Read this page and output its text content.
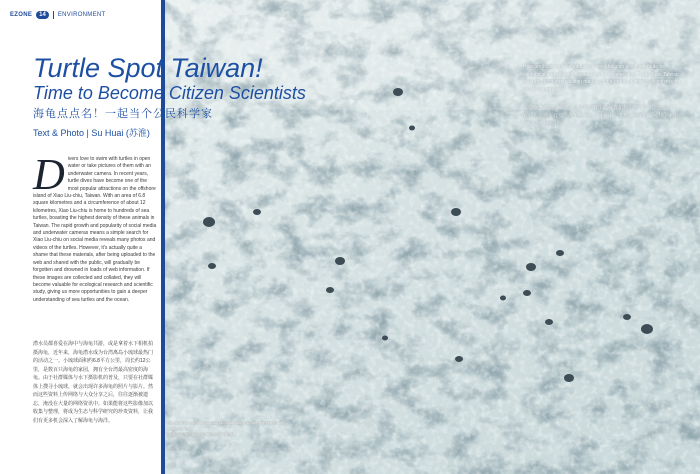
EZONE	14	ENVIRONMENT
Turtle Spot Taiwan!
Time to Become Citizen Scientists
海龟点点名！一起当个公民科学家
Text & Photo | Su Huai (苏淮)
Divers love to swim with turtles in open water or take pictures of them with an underwater camera. In recent years, turtle dives have become one of the most popular attractions on the offshore island of Xiao Liu-chiu, Taiwan. With an area of 6.8 square kilometres and a circumference of about 12 kilometres, Xiao Liu-chiu is home to hundreds of sea turtles, boasting the highest density of these animals in Taiwan. The rapid growth and popularity of social media and underwater cameras means a simple search for Xiao Liu-chiu on social media reveals many photos and videos of the turtles. However, it's actually quite a shame that these materials, after being uploaded to the web and shared with the public, will gradually be forgotten and drowned in loads of web information. If these images are collected and collated, they will become valuable for ecological research and scientific study, giving us more opportunities to gain a deeper understanding of sea turtles and the ocean.
潜水员都喜爱在海中与海龟共游，或是拿着水下相机拍摄海龟，近年来，海龟潜水成为台湾离岛小琉球最热门的活动之一。小琉球面积约6.8平方公里，周长约12公里，是数百只海龟的家园，拥有全台湾最高密度的海龟。由于社群媒体与水下摄影机的普及，只要在社群媒体上搜寻小琉球，就会出现许多海龟的照片与影片。然而这些资料上传网络与大众分享之后，往往逐渐被遗忘，淹没在大量的网络资讯中。如果能将这些影像加以收集与整理，将成为生态与科学研究的珍贵资料，让我们有更多机会深入了解海龟与海洋。
How terrific to have a hobby you love that can also contribute to ecological and scientific research at the same time. Turtle Spot Taiwan is a non-profit organization made up of a group of citizen scientists who love sea turtles.
享受自己喜欢的兴趣，同时也能对生态保育和科学研究做出一份心力，有什么比这更好？「海龟点点名」就是由一群热爱海龟的公民科学家组成的非营利组织。
The shallow reef around Xiao Liu-chiu Island is where green turtles forage for food.
小琉球周边的浅礁是绿蠵龟觅食的地方。
